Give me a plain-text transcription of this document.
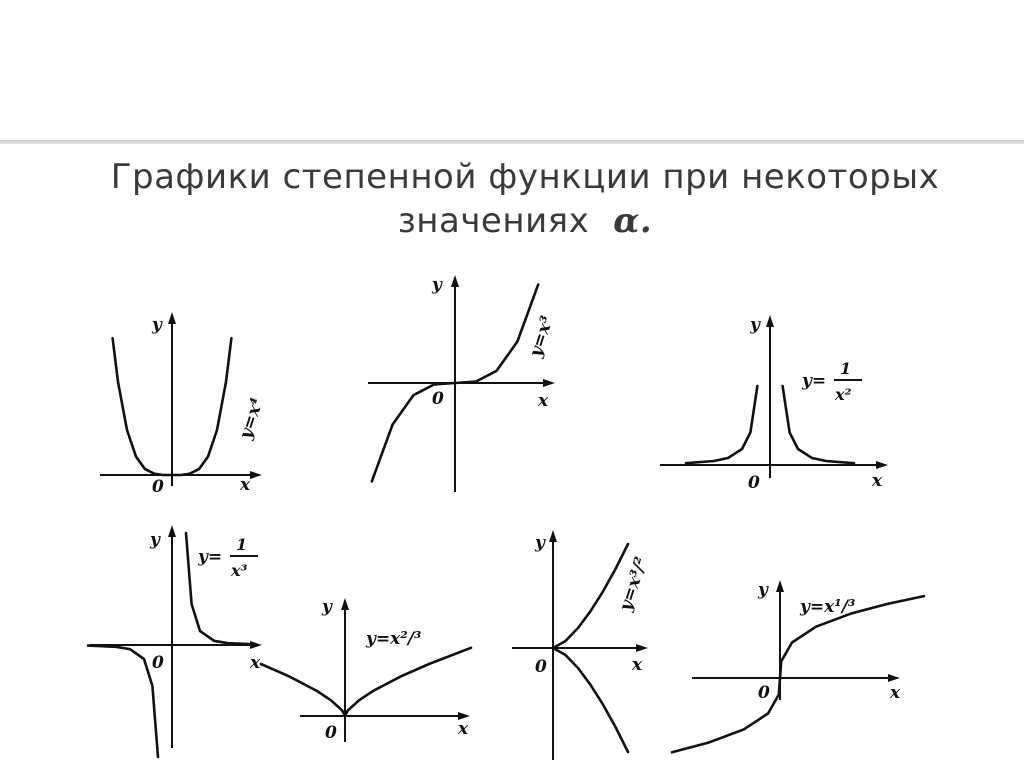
Графики степенной функции при некоторых значениях α.
y
x
0
y=x⁴
y
x
0
y=x³	y
x
0
y
x
0
y
x
0
y=x²/³
y
x
0
y=x³/²	y
x
0
y=x¹/³
y=
1
x²
y=
1
x³
